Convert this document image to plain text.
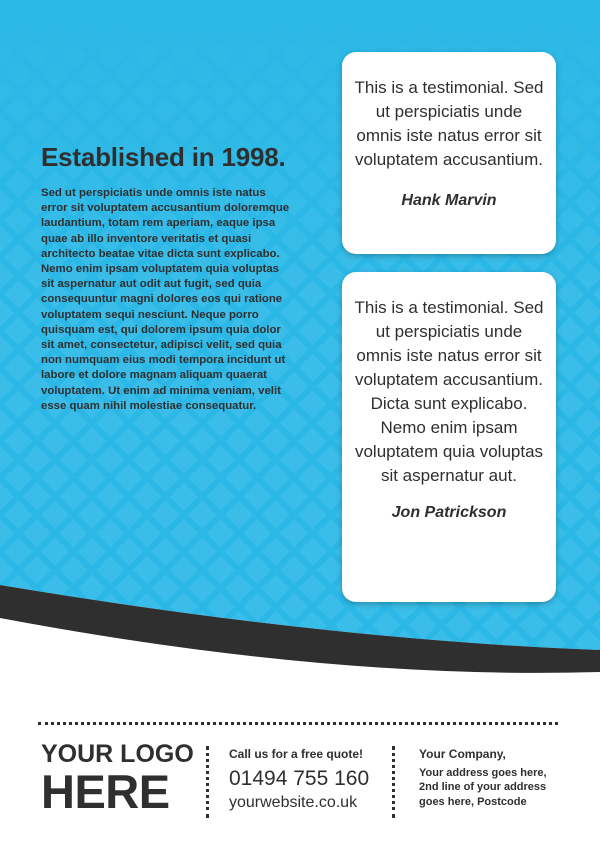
Established in 1998.

Sed ut perspiciatis unde omnis iste natus error sit voluptatem accusantium doloremque laudantium, totam rem aperiam, eaque ipsa quae ab illo inventore veritatis et quasi architecto beatae vitae dicta sunt explicabo. Nemo enim ipsam voluptatem quia voluptas sit aspernatur aut odit aut fugit, sed quia consequuntur magni dolores eos qui ratione voluptatem sequi nesciunt. Neque porro quisquam est, qui dolorem ipsum quia dolor sit amet, consectetur, adipisci velit, sed quia non numquam eius modi tempora incidunt ut labore et dolore magnam aliquam quaerat voluptatem. Ut enim ad minima veniam, velit esse quam nihil molestiae consequatur.

This is a testimonial. Sed ut perspiciatis unde omnis iste natus error sit voluptatem accusantium.

Hank Marvin

This is a testimonial. Sed ut perspiciatis unde omnis iste natus error sit voluptatem accusantium. Dicta sunt explicabo. Nemo enim ipsam voluptatem quia voluptas sit aspernatur aut.

Jon Patrickson

YOUR LOGO
HERE
Call us for a free quote!
01494 755 160
yourwebsite.co.uk
Your Company,
Your address goes here,
2nd line of your address
goes here, Postcode
